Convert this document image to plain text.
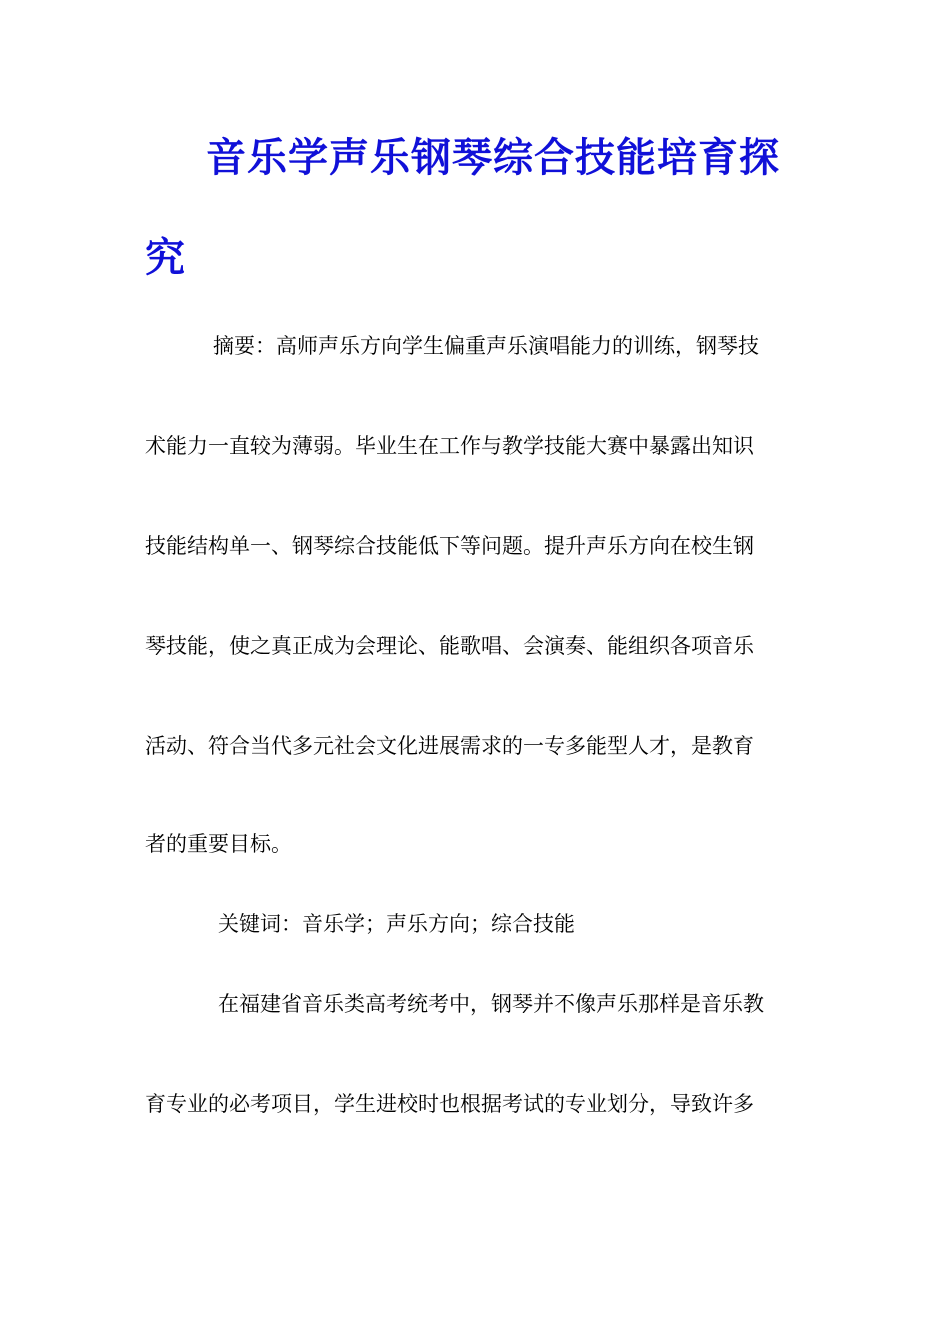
音乐学声乐钢琴综合技能培育探
究
摘要：高师声乐方向学生偏重声乐演唱能力的训练，钢琴技
术能力一直较为薄弱。毕业生在工作与教学技能大赛中暴露出知识
技能结构单一、钢琴综合技能低下等问题。提升声乐方向在校生钢
琴技能，使之真正成为会理论、能歌唱、会演奏、能组织各项音乐
活动、符合当代多元社会文化进展需求的一专多能型人才，是教育
者的重要目标。
关键词：音乐学；声乐方向；综合技能
在福建省音乐类高考统考中，钢琴并不像声乐那样是音乐教
育专业的必考项目，学生进校时也根据考试的专业划分，导致许多
